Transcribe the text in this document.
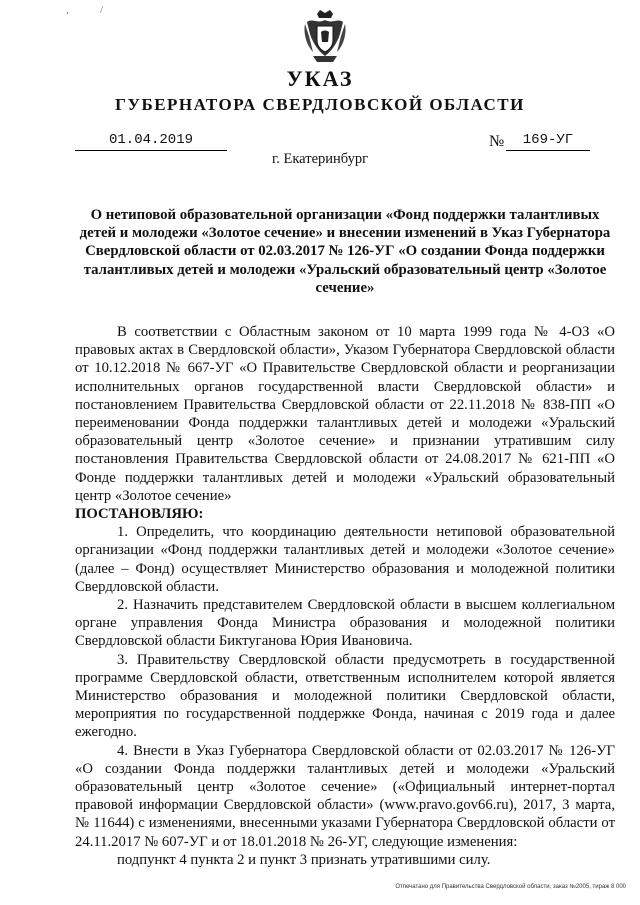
,	/
УКАЗ
ГУБЕРНАТОРА СВЕРДЛОВСКОЙ ОБЛАСТИ
01.04.2019	№	169-УГ
г. Екатеринбург
О нетиповой образовательной организации «Фонд поддержки талантливых детей и молодежи «Золотое сечение» и внесении изменений в Указ Губернатора Свердловской области от 02.03.2017 № 126-УГ «О создании Фонда поддержки талантливых детей и молодежи «Уральский образовательный центр «Золотое сечение»

В соответствии с Областным законом от 10 марта 1999 года № 4-ОЗ «О правовых актах в Свердловской области», Указом Губернатора Свердловской области от 10.12.2018 № 667-УГ «О Правительстве Свердловской области и реорганизации исполнительных органов государственной власти Свердловской области» и постановлением Правительства Свердловской области от 22.11.2018 № 838-ПП «О переименовании Фонда поддержки талантливых детей и молодежи «Уральский образовательный центр «Золотое сечение» и признании утратившим силу постановления Правительства Свердловской области от 24.08.2017 № 621-ПП «О Фонде поддержки талантливых детей и молодежи «Уральский образовательный центр «Золотое сечение»

ПОСТАНОВЛЯЮ:

1. Определить, что координацию деятельности нетиповой образовательной организации «Фонд поддержки талантливых детей и молодежи «Золотое сечение» (далее – Фонд) осуществляет Министерство образования и молодежной политики Свердловской области.

2. Назначить представителем Свердловской области в высшем коллегиальном органе управления Фонда Министра образования и молодежной политики Свердловской области Биктуганова Юрия Ивановича.

3. Правительству Свердловской области предусмотреть в государственной программе Свердловской области, ответственным исполнителем которой является Министерство образования и молодежной политики Свердловской области, мероприятия по государственной поддержке Фонда, начиная с 2019 года и далее ежегодно.

4. Внести в Указ Губернатора Свердловской области от 02.03.2017 № 126-УГ «О создании Фонда поддержки талантливых детей и молодежи «Уральский образовательный центр «Золотое сечение» («Официальный интернет-портал правовой информации Свердловской области» (www.pravo.gov66.ru), 2017, 3 марта, № 11644) с изменениями, внесенными указами Губернатора Свердловской области от 24.11.2017 № 607-УГ и от 18.01.2018 № 26-УГ, следующие изменения:

подпункт 4 пункта 2 и пункт 3 признать утратившими силу.

Отпечатано для Правительства Свердловской области, заказ №2005, тираж 8 000
